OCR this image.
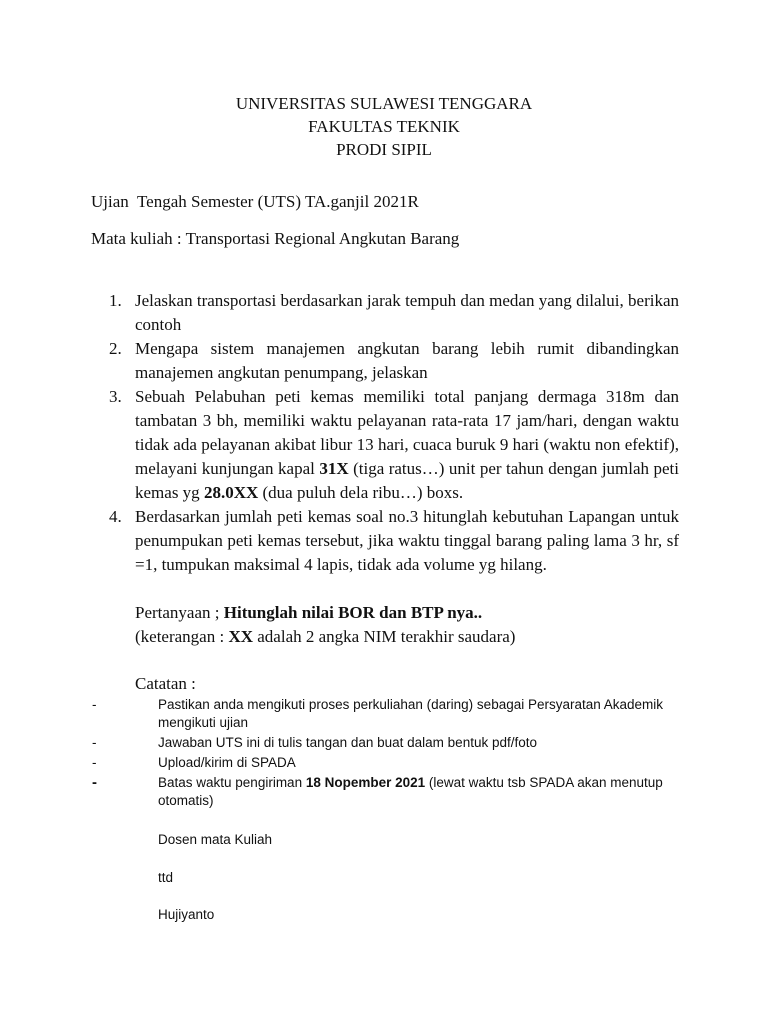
UNIVERSITAS SULAWESI TENGGARA
FAKULTAS TEKNIK
PRODI SIPIL
Ujian  Tengah Semester (UTS) TA.ganjil 2021R
Mata kuliah : Transportasi Regional Angkutan Barang
1. Jelaskan transportasi berdasarkan jarak tempuh dan medan yang dilalui, berikan contoh
2. Mengapa sistem manajemen angkutan barang lebih rumit dibandingkan manajemen angkutan penumpang, jelaskan
3. Sebuah Pelabuhan peti kemas memiliki total panjang dermaga 318m dan tambatan 3 bh, memiliki waktu pelayanan rata-rata 17 jam/hari, dengan waktu tidak ada pelayanan akibat libur 13 hari, cuaca buruk 9 hari (waktu non efektif), melayani kunjungan kapal 31X (tiga ratus…) unit per tahun dengan jumlah peti kemas yg 28.0XX (dua puluh dela ribu…) boxs.
4. Berdasarkan jumlah peti kemas soal no.3 hitunglah kebutuhan Lapangan untuk penumpukan peti kemas tersebut, jika waktu tinggal barang paling lama 3 hr, sf =1, tumpukan maksimal 4 lapis, tidak ada volume yg hilang.
Pertanyaan ; Hitunglah nilai BOR dan BTP nya..
(keterangan : XX adalah 2 angka NIM terakhir saudara)
Catatan :
-	Pastikan anda mengikuti proses perkuliahan (daring) sebagai Persyaratan Akademik mengikuti ujian
-	Jawaban UTS ini di tulis tangan dan buat dalam bentuk pdf/foto
-	Upload/kirim di SPADA
-	Batas waktu pengiriman 18 Nopember 2021 (lewat waktu tsb SPADA akan menutup otomatis)
Dosen mata Kuliah
ttd
Hujiyanto
